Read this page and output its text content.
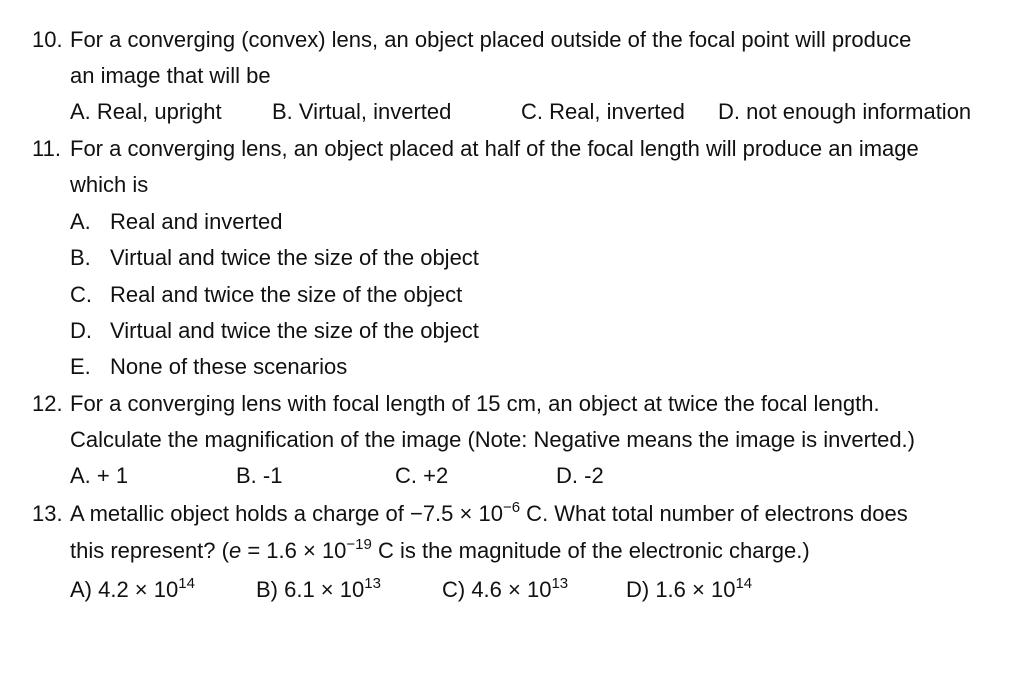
10. For a converging (convex) lens, an object placed outside of the focal point will produce
an image that will be
A. Real, upright B. Virtual, inverted	C. Real, inverted D. not enough information
11. For a converging lens, an object placed at half of the focal length will produce an image
which is
A. Real and inverted
B. Virtual and twice the size of the object
C. Real and twice the size of the object
D. Virtual and twice the size of the object
E. None of these scenarios
12. For a converging lens with focal length of 15 cm, an object at twice the focal length.
Calculate the magnification of the image (Note: Negative means the image is inverted.)
A. + 1	B. -1	C. +2	D. -2
13. A metallic object holds a charge of $-7.5 \times 10^{-6}$ C. What total number of electrons does
this represent? ($e = 1.6 \times 10^{-19}$ C is the magnitude of the electronic charge.)
A) $4.2 \times 10^{14}$	B) $6.1 \times 10^{13}$	C) $4.6 \times 10^{13}$	D) $1.6 \times 10^{14}$
